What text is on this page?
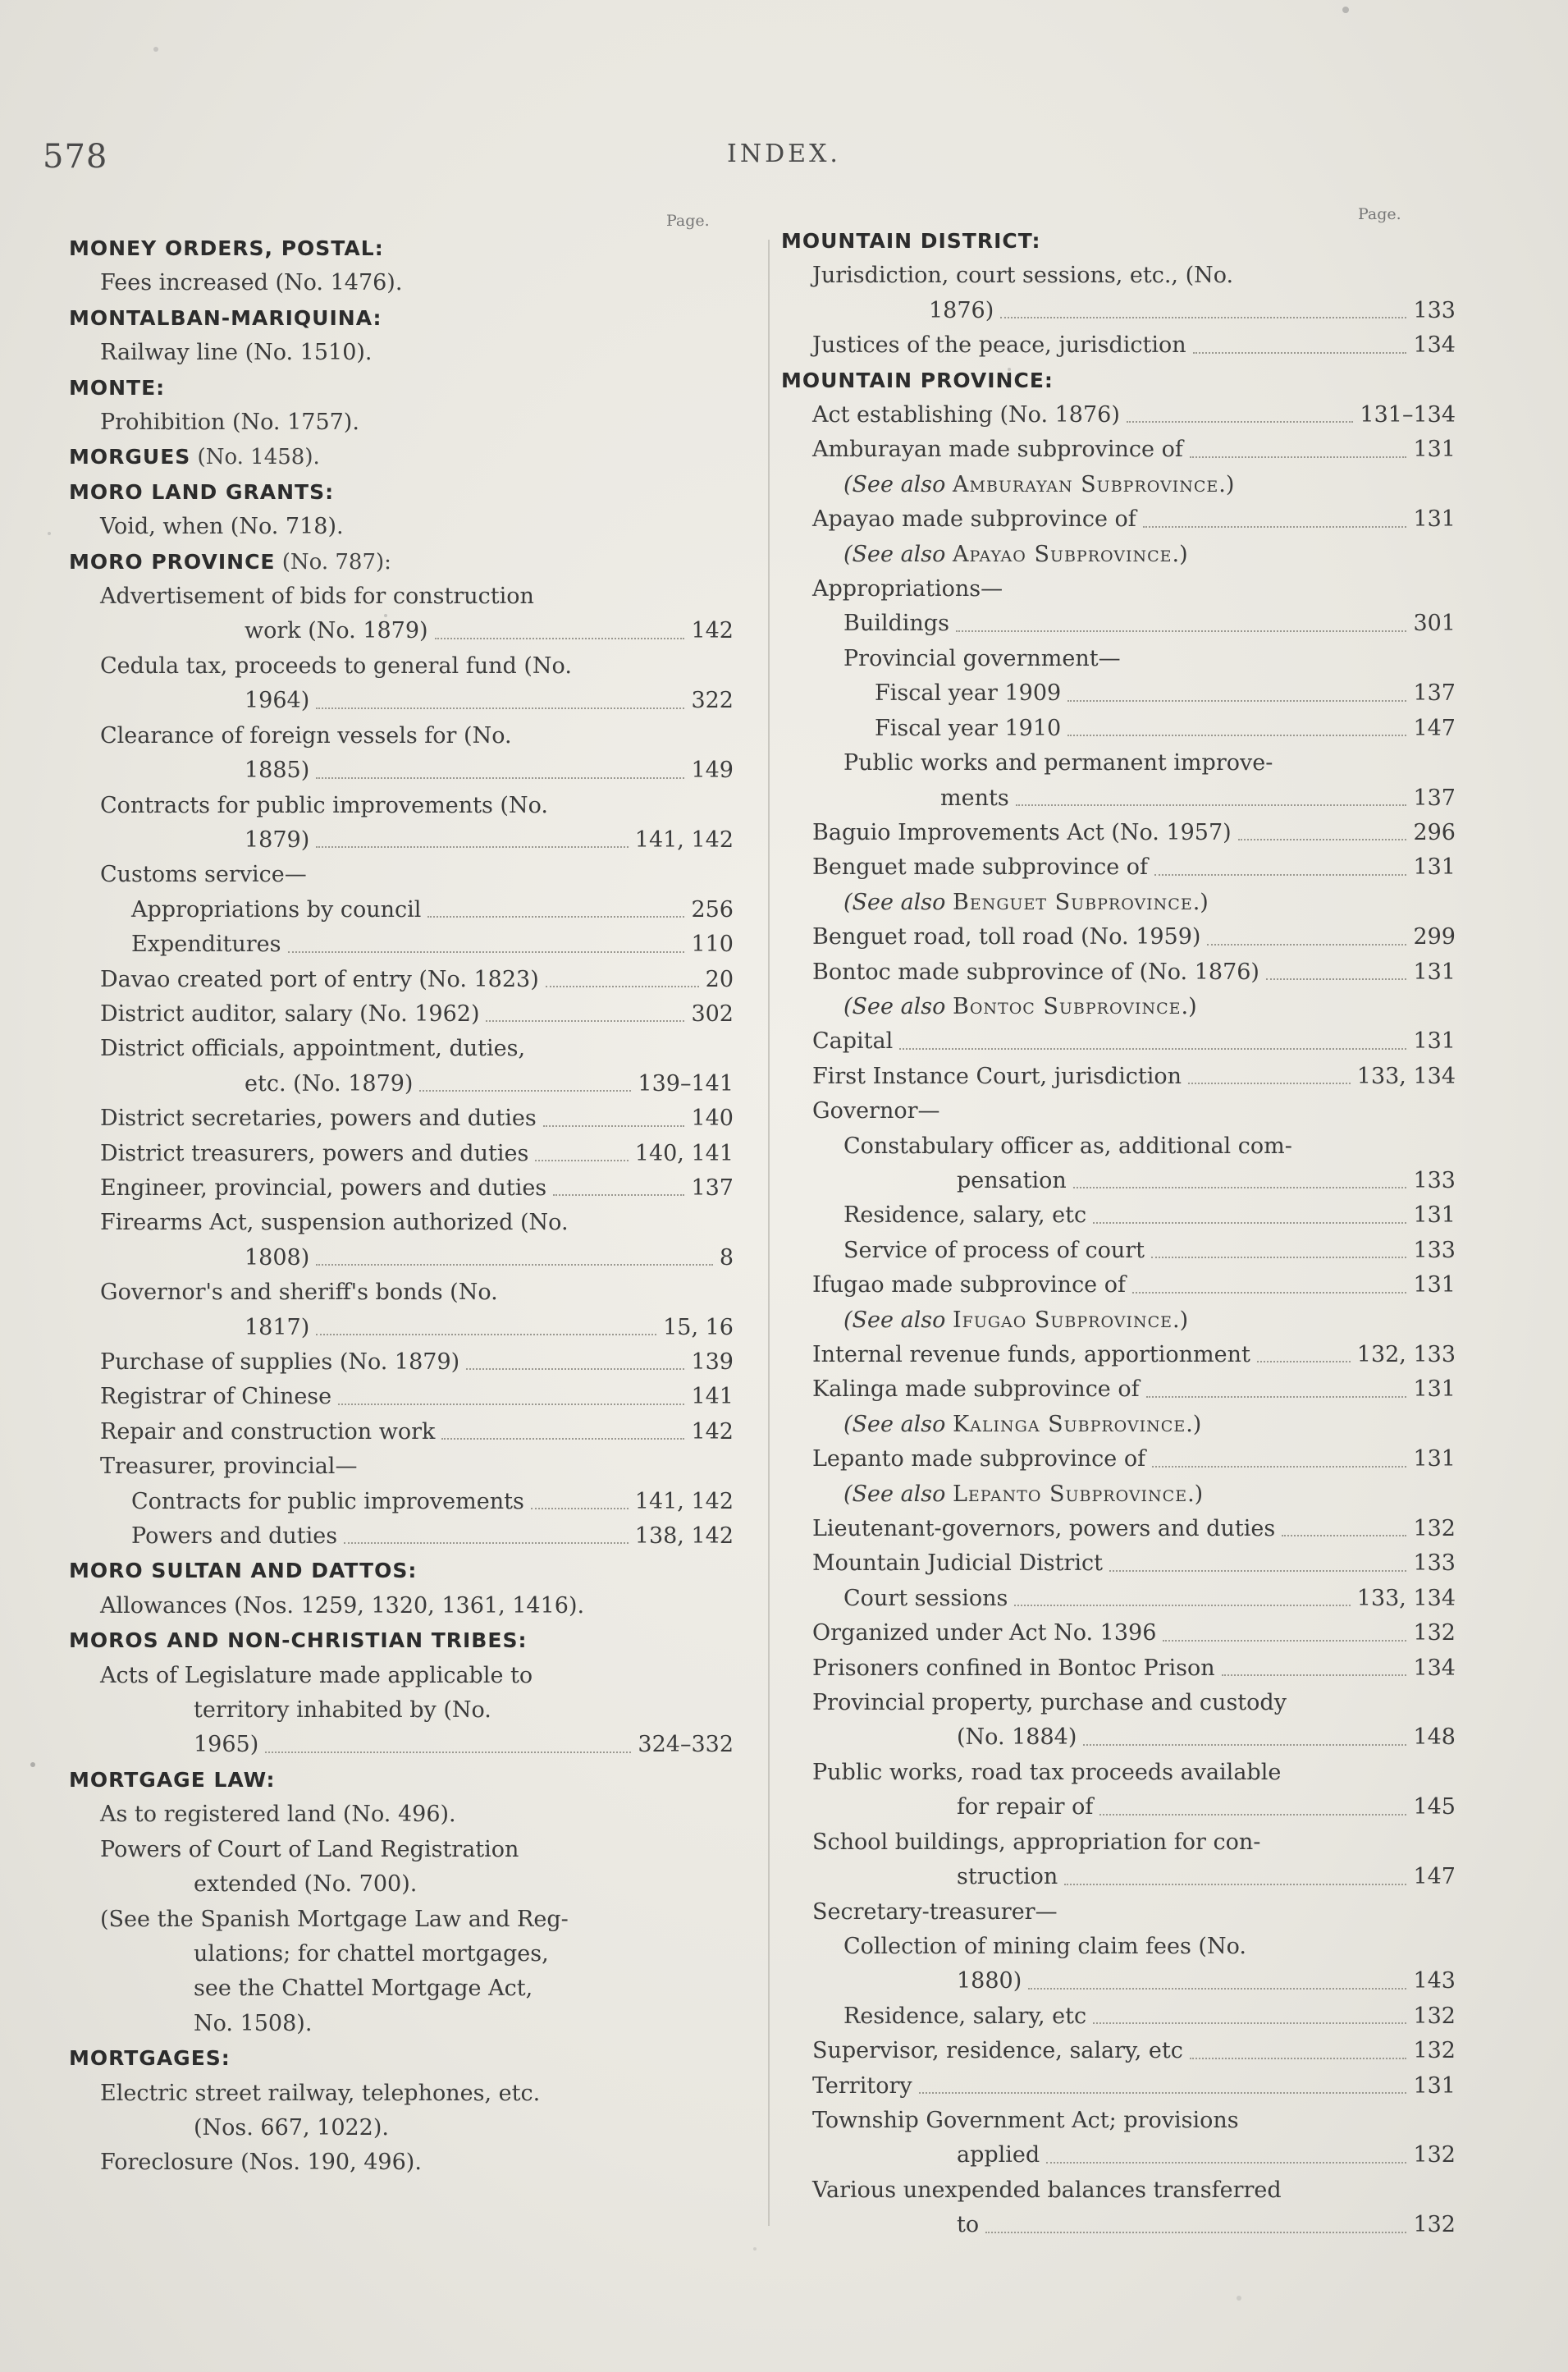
578	INDEX.
Page.	Page.
MONEY ORDERS, POSTAL:
Fees increased (No. 1476).
MONTALBAN-MARIQUINA:
Railway line (No. 1510).
MONTE:
Prohibition (No. 1757).
MORGUES (No. 1458).
MORO LAND GRANTS:
Void, when (No. 718).
MORO PROVINCE (No. 787):
Advertisement of bids for construction
work (No. 1879)	142
Cedula tax, proceeds to general fund (No.
1964)	322
Clearance of foreign vessels for (No.
1885)	149
Contracts for public improvements (No.
1879)	141, 142
Customs service—
Appropriations by council	256
Expenditures	110
Davao created port of entry (No. 1823)	20
District auditor, salary (No. 1962)	302
District officials, appointment, duties,
etc. (No. 1879)	139–141
District secretaries, powers and duties	140
District treasurers, powers and duties	140, 141
Engineer, provincial, powers and duties	137
Firearms Act, suspension authorized (No.
1808)	8
Governor's and sheriff's bonds (No.
1817)	15, 16
Purchase of supplies (No. 1879)	139
Registrar of Chinese	141
Repair and construction work	142
Treasurer, provincial—
Contracts for public improvements	141, 142
Powers and duties	138, 142
MORO SULTAN AND DATTOS:
Allowances (Nos. 1259, 1320, 1361, 1416).
MOROS AND NON-CHRISTIAN TRIBES:
Acts of Legislature made applicable to
territory inhabited by (No.
1965)	324–332
MORTGAGE LAW:
As to registered land (No. 496).
Powers of Court of Land Registration
extended (No. 700).
(See the Spanish Mortgage Law and Reg-
ulations; for chattel mortgages,
see the Chattel Mortgage Act,
No. 1508).
MORTGAGES:
Electric street railway, telephones, etc.
(Nos. 667, 1022).
Foreclosure (Nos. 190, 496).
MOUNTAIN DISTRICT:
Jurisdiction, court sessions, etc., (No.
1876)	133
Justices of the peace, jurisdiction	134
MOUNTAIN PROVINCE:
Act establishing (No. 1876)	131–134
Amburayan made subprovince of	131
(See also Amburayan Subprovince.)
Apayao made subprovince of	131
(See also Apayao Subprovince.)
Appropriations—
Buildings	301
Provincial government—
Fiscal year 1909	137
Fiscal year 1910	147
Public works and permanent improve-
ments	137
Baguio Improvements Act (No. 1957)	296
Benguet made subprovince of	131
(See also Benguet Subprovince.)
Benguet road, toll road (No. 1959)	299
Bontoc made subprovince of (No. 1876)	131
(See also Bontoc Subprovince.)
Capital	131
First Instance Court, jurisdiction	133, 134
Governor—
Constabulary officer as, additional com-
pensation	133
Residence, salary, etc	131
Service of process of court	133
Ifugao made subprovince of	131
(See also Ifugao Subprovince.)
Internal revenue funds, apportionment	132, 133
Kalinga made subprovince of	131
(See also Kalinga Subprovince.)
Lepanto made subprovince of	131
(See also Lepanto Subprovince.)
Lieutenant-governors, powers and duties	132
Mountain Judicial District	133
Court sessions	133, 134
Organized under Act No. 1396	132
Prisoners confined in Bontoc Prison	134
Provincial property, purchase and custody
(No. 1884)	148
Public works, road tax proceeds available
for repair of	145
School buildings, appropriation for con-
struction	147
Secretary-treasurer—
Collection of mining claim fees (No.
1880)	143
Residence, salary, etc	132
Supervisor, residence, salary, etc	132
Territory	131
Township Government Act; provisions
applied	132
Various unexpended balances transferred
to	132
